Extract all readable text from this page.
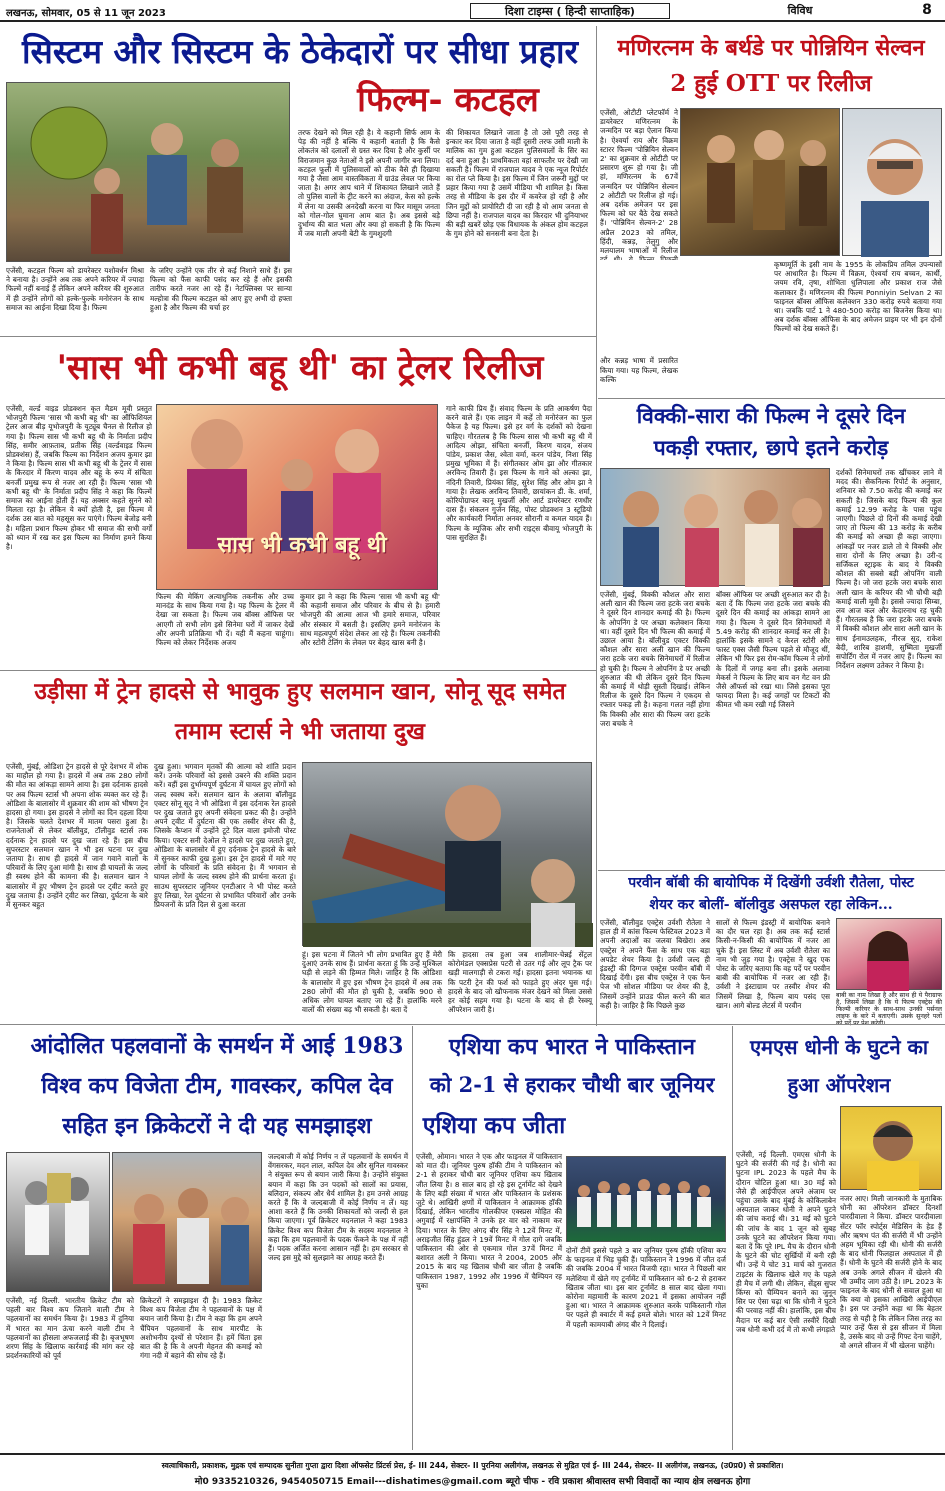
लखनऊ, सोमवार, 05 से 11 जून 2023	दिशा टाइम्स ( हिन्दी साप्ताहिक)	विविध	8
सिस्टम और सिस्टम के ठेकेदारों पर सीधा प्रहार
फिल्म- कटहल
एजेंसी, कटहल फिल्म को डायरेक्टर यशोवर्धन मिश्रा ने बनाया है। उन्होंने अब तक अपने करियर में ज्यादा फिल्में नहीं बनाई हैं लेकिन अपने करियर की शुरुआत में ही उन्होंने लोगों को हल्के-फुल्के मनोरंजन के साथ समाज का आईना दिखा दिया है। फिल्म
के जरिए उन्होंने एक तीर से कई निशाने साधे हैं। इस फिल्म को फैंस काफी पसंद कर रहे हैं और इसकी तारीफ करते नजर आ रहे हैं। नेटफ्लिक्स पर सान्या मल्होत्रा की फिल्म कटहल को आए हुए अभी दो हफ्ता हुआ है और फिल्म की चर्चा हर
तरफ देखने को मिल रही है। ये कहानी सिर्फ आम के पेड़ की नहीं है बल्कि ये कहानी बताती है कि कैसे लोकतंत्र को दलालों से ग्रस्त कर दिया है और कुर्सी पर विराजमान कुछ नेताओं ने इसे अपनी जागीर बना लिया। कटहल फूली में पुलिसवालों को ठीक वैसे ही दिखाया गया है जैसा आम वास्तविकता में ग्राउंड लेवल पर किया जाता है। अगर आप थाने में शिकायत लिखाने जाते हैं तो पुलिस वालों के ट्रीट करने का अंदाज, केस को हल्के में लेना या उसकी अनदेखी करना या फिर मासूम जनता को गोल-गोल घुमाना आम बात है। अब इससे बड़े दुर्भाग्य की बात भला और क्या हो सकती है कि फिल्म में जब माली अपनी बेटी के गुमशुदगी
की शिकायत लिखाने जाता है तो उसे पूरी तरह से इन्कार कर दिया जाता है वहीं दूसरी तरफ उसी माली के मालिक का गुम हुआ कटहल पुलिसवालों के सिर का दर्द बना हुआ है। प्राथमिकता वहां साफतौर पर देखी जा सकती है। फिल्म में राजपाल यादव ने एक न्यूज रिपोर्टर का रोल प्ले किया है। इस फिल्म में जिन जरूरी मुद्दों पर प्रहार किया गया है उसमें मीडिया भी शामिल है। किस तरह से मीडिया के इस दौर में कवरेज हो रही है और जिन मुद्दों को प्रायोरिटी दी जा रही है वो आम जनता से छिपा नहीं है। राजपाल यादव का किरदार भी दुनियाभर की बड़ी खबरें छोड़ एक विधायक के अंकल होम कटहल के गुम होने को सनसनी बना देता है।
मणिरत्नम के बर्थडे पर पोन्नियिन सेल्वन
2 हुई OTT पर रिलीज
एजेंसी, ओटीटी प्लेटफॉर्म ने डायरेक्टर मणिरत्नम के जन्मदिन पर बड़ा ऐलान किया है। ऐश्वर्या राय और विक्रम स्टारर फिल्म 'पोन्नियिन सेल्वन 2' का शुक्रवार से ओटीटी पर प्रसारण शुरू हो गया है। जी हां, मणिरत्नम के 67वें जन्मदिन पर पोन्नियिन सेल्वन 2 ओटीटी पर रिलीज हो गई। अब दर्शक अमेजन पर इस फिल्म को घर बैठे देख सकते हैं। 'पोन्नियिन सेल्वन-2' 28 अप्रैल 2023 को तमिल, हिंदी, कन्नड़, तेलुगु और मलयालम भाषाओं में रिलीज और कन्नड़ भाषा में प्रसारित किया गया। यह फिल्म, लेखक कल्कि
कृष्णमूर्ति के इसी नाम के 1955 के लोकप्रिय तमिल उपन्यासों पर आधारित है। फिल्म में विक्रम, ऐश्वर्या राय बच्चन, कार्थी, जयम रवि, तृषा, शोभिता धुलिपाला और प्रकाश राज जैसे कलाकार हैं। मणिरत्नम की फिल्म Ponniyin Selvan 2 का फाइनल बॉक्स ऑफिस कलेक्शन 330 करोड़ रुपये बताया गया था। जबकि पार्ट 1 ने 480-500 करोड़ का बिजनेस किया था। अब दर्शक बॉक्स ऑफिस के बाद अमेजन प्राइम पर भी इन दोनों फिल्मों को देख सकते हैं।
'सास भी कभी बहू थी' का ट्रेलर रिलीज
एजेंसी, वर्ल्ड वाइड प्रोडक्शन कृत मैडम मूवी प्रस्तुत भोजपुरी फिल्म 'सास भी कभी बहू थी' का ऑफिशियल ट्रेलर आज बीड़ यूभोजपुरी के यूट्यूब चैनल से रिलीज हो गया है। फिल्म सास भी कभी बहू थी के निर्माता प्रदीप सिंह, समीर आफ़ताब, प्रतीक सिंह (वर्ल्डवाइड फिल्म प्रोडक्शंस) हैं, जबकि फिल्म का निर्देशन अजय कुमार झा ने किया है। फिल्म सास भी कभी बहू थी के ट्रेलर में सास के किरदार में किरण यादव और बहू के रूप में संचिता बनर्जी प्रमुख रूप से नजर आ रही हैं। फिल्म 'सास भी कभी बहू थी' के निर्माता प्रदीप सिंह ने कहा कि फिल्में समाज का आईना होती हैं। यह अक्सर कहते सुनने को मिलता रहा है। लेकिन ये क्यों होती है, इस फिल्म में दर्शक उस बात को महसूस कर पाएंगे। फिल्म बेजोड़ बनी है। महिला प्रधान फिल्म होकर भी समाज की सभी वर्गों को ध्यान में रख कर इस फिल्म का निर्माण हमने किया है।	सास भी कभी बहू थी
फिल्म की मेकिंग अत्याधुनिक तकनीक और उच्च मानदंड के साथ किया गया है। यह फिल्म के ट्रेलर में देखा जा सकता है। फिल्म जब बॉक्स ऑफिस पर आएगी तो सभी लोग इसे सिनेमा घरों में जाकर देखें और अपनी प्रतिक्रिया भी दें। यही मैं कहना चाहूंगा। फिल्म को लेकर निर्देशक अजय
कुमार झा ने कहा कि फिल्म 'सास भी कभी बहू थी' की कहानी समाज और परिवार के बीच से है। हमारी भोजपुरी की आत्मा आज भी हमारे समाज, परिवार और संस्कार में बसती है। इसलिए हमने मनोरंजन के साथ महत्वपूर्ण संदेश लेकर आ रहे हैं। फिल्म तकनीकी और स्टोरी टेलिंग के लेवल पर बेहद खास बनी है।
गाने काफी प्रिय हैं। संवाद फिल्म के प्रति आकर्षण पैदा करने वाले हैं। एक लाइन में कहें तो मनोरंजन का फुल पैकेज है यह फिल्म। इसे हर वर्ग के दर्शकों को देखना चाहिए। गौरतलब है कि फिल्म सास भी कभी बहू थी में आदित्य ओझा, संचिता बनर्जी, किरण यादव, संजय पांडेय, प्रकाश जैस, श्वेता वर्मा, करन पांडेय, निशा सिंह प्रमुख भूमिका में हैं। संगीतकार ओम झा और गीतकार अरविन्द तिवारी हैं। इस फिल्म के गाने को अल्का झा, नंदिनी तिवारी, प्रियंका सिंह, सुरेश सिंह और ओम झा ने गाया है। लेखक अरविन्द तिवारी, छायांकन डी. के. शर्मा, कोरियोग्राफर कानू मुखर्जी और आर्ट डायरेक्टर रणधीर दास हैं। संकलन गुर्जन सिंह, पोस्ट प्रोडक्शन 3 स्टूडियो और कार्यकारी निर्माता अनवर सौरानी व कमल यादव हैं। फिल्म के म्यूजिक और सभी राइट्स बीवायू भोजपुरी के पास सुरक्षित हैं।
विक्की-सारा की फिल्म ने दूसरे दिन
पकड़ी रफ्तार, छापे इतने करोड़
एजेंसी, मुंबई, विक्की कौशल और सारा अली खान की फिल्म जरा हटके जरा बचके ने दूसरे दिन शानदार कमाई की है। फिल्म के ओपनिंग डे पर अच्छा कलेक्शन किया था। वहीं दूसरे दिन भी फिल्म की कमाई में उछाल आया है। बॉलीवुड एक्टर विक्की कौशल और सारा अली खान की फिल्म जरा हटके जरा बचके सिनेमाघरों में रिलीज हो चुकी है। फिल्म ने ओपनिंग डे पर अच्छी शुरुआत की थी लेकिन दूसरे दिन फिल्म की कमाई में थोड़ी सुस्ती दिखाई। लेकिन रिलीज के दूसरे दिन फिल्म ने एकदम से रफ्तार पकड़ ली है। कहना गलत नहीं होगा कि विक्की और सारा की फिल्म जरा हटके जरा बचके ने
बॉक्स ऑफिस पर अच्छी शुरुआत कर दी है। बता दें कि फिल्म जरा हटके जरा बचके की दूसरे दिन की कमाई का आंकड़ा सामने आ गया है। फिल्म ने दूसरे दिन सिनेमाघरों में 5.49 करोड़ की शानदार कमाई कर ली है। हालांकि इसके सामने द केरल स्टोरी और फास्ट एक्स जैसी फिल्म पहले से मौजूद थीं, लेकिन भी फिर इस रोम-कॉम फिल्म ने लोगों के दिलों में जगह बना ली। इसके अलावा मेकर्स ने फिल्म के लिए बाय वन गेट वन फ्री जैसे ऑफर्स को रखा था। जिसे इसका पूरा फायदा मिला है। कई जगहों पर टिकटों की कीमत भी कम रखी गई जिसने
दर्शकों सिनेमाघरों तक खींचकर लाने में मदद की। सैकनिल्क रिपोर्ट के अनुसार, शनिवार को 7.50 करोड़ की कमाई कर सकती है। जिसके बाद फिल्म की कुल कमाई 12.99 करोड़ के पास पहुंच जाएगी। पिछले दो दिनों की कमाई देखी जाए तो फिल्म की 13 करोड़ के करीब की कमाई को अच्छा ही कहा जाएगा। आंकड़ों पर नजर डाले तो ये विक्की और सारा दोनों के लिए अच्छा है। उरी-द सर्जिकल स्ट्राइक के बाद ये विक्की कौशल की सबसे बड़ी ओपनिंग वाली फिल्म है। जो जरा हटके जरा बचके सारा अली खान के करियर की भी चौथी बड़ी कमाई वाली मूवी है। इससे ज्यादा सिम्बा, लव आज कल और केदारनाथ रह चुकी हैं। गौरतलब है कि जरा हटके जरा बचके में विक्की कौशल और सारा अली खान के साथ ईनामउलहक, नीरज सूद, राकेश बेदी, शारिब हाशमी, सुष्मिता मुखर्जी सपोर्टिंग रोल में नजर आए हैं। फिल्म का निर्देशन लक्ष्मण उतेकर ने किया है।
उड़ीसा में ट्रेन हादसे से भावुक हुए सलमान खान, सोनू सूद समेत
तमाम स्टार्स ने भी जताया दुख
एजेंसी, मुंबई, ओडिशा ट्रेन हादसे से पूरे देशभर में शोक का माहौल हो गया है। हादसे में अब तक 280 लोगों की मौत का आंकड़ा सामने आया है। इस दर्दनाक हादसे पर अब फिल्म स्टार्स भी अपना शोक व्यक्त कर रहे हैं। ओडिशा के बालासोर में शुक्रवार की शाम को भीषण ट्रेन हादसा हो गया। इस हादसे ने लोगों का दिन दहला दिया है। जिसके चलते देशभर में मातम पसरा हुआ है। राजनेताओं से लेकर बॉलीवुड, टॉलीवुड स्टार्स तक दर्दनाक ट्रेन हादसे पर दुख जता रहे हैं। इस बीच सुपरस्टार सलमान खान ने भी इस घटना पर दुख जताया है। साथ ही हादसे में जान गवाने वालों के परिवारों के लिए दुआ मांगी है। साथ ही घायलों के जल्द ही स्वस्थ होने की कामना की है। सलमान खान ने बालासोर में हुए भीषण ट्रेन हादसे पर ट्वीट करते हुए दुख जताया है। उन्होंने ट्वीट कर लिखा, दुर्घटना के बारे में सुनकर बहुत
दुख हुआ। भगवान मृतकों की आत्मा को शांति प्रदान करें। उनके परिवारों को इससे उबरने की शक्ति प्रदान करें। वहीं इस दुर्भाग्यपूर्ण दुर्घटना में घायल हुए लोगों को जल्द स्वस्थ करें। सलमान खान के अलावा बॉलीवुड एक्टर सोनू सूद ने भी ओडिशा में इस दर्दनाक रेल हादसे पर दुख जताते हुए अपनी संवेदना प्रकट की है। उन्होंने अपने ट्वीट में दुर्घटना की एक तस्वीर शेयर की है, जिसके कैप्शन में उन्होंने टूटे दिल वाला इमोजी पोस्ट किया। एक्टर सनी देओल ने हादसे पर दुख जताते हुए, ओडिशा के बालासोर में हुए दर्दनाक ट्रेन हादसे के बारे में सुनकर काफी दुख हुआ। इस ट्रेन हादसे में मारे गए लोगों के परिवारों के प्रति संवेदना है। मैं भगवान से घायल लोगों के जल्द स्वस्थ होने की प्रार्थना करता हूं। साउथ सुपरस्टार जूनियर एनटीआर ने भी पोस्ट करते हुए लिखा, रेल दुर्घटना से प्रभावित परिवारों और उनके प्रियजनों के प्रति दिल से दुआ करता
हूं। इस घटना में जितने भी लोग प्रभावित हुए हैं मेरी दुआएं उनके साथ हैं। प्रार्थना करता हूं कि उन्हें मुश्किल घड़ी से लड़ने की हिम्मत मिले। जाहिर है कि ओडिशा के बालासोर में हुए इस भीषण ट्रेन हादसे में अब तक 280 लोगों की मौत हो चुकी है, जबकि 900 से अधिक लोग घायल बताए जा रहे हैं। हालांकि मरने वालों की संख्या बढ़ भी सकती है। बता दें
कि हादसा तब हुआ जब शालीमार-चेन्नई सेंट्रल कोरोमंडल एक्सप्रेस पटरी से उतर गई और लूप ट्रैक पर खड़ी मालगाड़ी से टकरा गई। हादसा इतना भयानक था कि पटरी ट्रेन की फर्श को फाड़ते हुए अंदर घुस गई। हादसे के बाद जो खौफनाक मंजर देखने को मिला उससे हर कोई सहम गया है। घटना के बाद से ही रेस्क्यू ऑपरेशन जारी है।
परवीन बॉबी की बायोपिक में दिखेंगी उर्वशी रौतेला, पोस्ट
शेयर कर बोलीं- बॉलीवुड असफल रहा लेकिन...
एजेंसी, बॉलीवुड एक्ट्रेस उर्वशी रौतेला ने हाल ही में कांस फिल्म फेस्टिवल 2023 में अपनी अदाओं का जलवा बिखेरा। अब एक्ट्रेस ने अपने फैंस के साथ एक बड़ा अपडेट शेयर किया है। उर्वशी जल्द ही इंडस्ट्री की दिग्गज एक्ट्रेस परवीन बॉबी में दिखाई देंगी। इस बीच एक्ट्रेस ने एक फैन पेज भी सोशल मीडिया पर शेयर की है, जिसमें उन्होंने प्राउड फील करने की बात कही है। जाहिर है कि पिछले कुछ
सालों से फिल्म इंडस्ट्री में बायोपिक बनाने का दौर चल रहा है। अब तक कई स्टार्स किसी-न-किसी की बायोपिक में नजर आ चुके हैं। इस लिस्ट में अब उर्वशी रौतेला का नाम भी जुड़ गया है। एक्ट्रेस ने खुद एक पोस्ट के जरिए बताया कि वह पर्दे पर परवीन बाबी की बायोपिक में नजर आ रही हैं। उर्वशी ने इंस्टाग्राम पर तस्वीर शेयर की जिसमें लिखा है, फिल्म बाय पसंद एस खान। आगे बोल्ड लेटर्स में परवीन
बाबी का नाम लिखा है और साथ ही ये पैराग्राफ है, जिसमें लिखा है कि ये फिल्म एक्ट्रेस की फिल्मी करियर के साथ-साथ उनकी पर्सनल लाइफ के बारे में बताएगी। उसके सुनहरे पलों
आंदोलित पहलवानों के समर्थन में आई 1983
विश्व कप विजेता टीम, गावस्कर, कपिल देव
सहित इन क्रिकेटरों ने दी यह समझाइश
एजेंसी, नई दिल्ली. भारतीय क्रिकेट टीम को पहली बार विश्व कप जिताने वाली टीम ने पहलवानों का समर्थन किया है। 1983 में दुनिया में भारत का मान ऊंचा करने वाली टीम ने पहलवानों का हौसला अफजलाई की है। बृजभूषण शरण सिंह के खिलाफ कार्रवाई की मांग कर रहे प्रदर्शनकारियों को पूर्व
क्रिकेटरों ने समझाइश दी है। 1983 क्रिकेट विश्व कप विजेता टीम ने पहलवानों के पक्ष में बयान जारी किया है। टीम ने कहा कि हम अपने चैंपियन पहलवानों के साथ मारपीट के अशोभनीय दृश्यों से परेशान हैं। हमें चिंता इस बात की है कि वे अपनी मेहनत की कमाई को गंगा नदी में बहाने की सोच रहे हैं।
जल्दबाजी में कोई निर्णय न लें पहलवानों के समर्थन में वेंगसरकर, मदन लाल, कपिल देव और सुनिल गावस्कर ने संयुक्त रूप से बयान जारी किया है। उन्होंने संयुक्त बयान में कहा कि उन पदकों को सालों का प्रयास, बलिदान, संकल्प और धैर्य शामिल है। हम उनसे आग्रह करते हैं कि वे जल्दबाजी में कोई निर्णय न लें। यह आशा करते हैं कि उनकी शिकायतों को जल्दी से हल किया जाएगा। पूर्व क्रिकेटर मदनलाल ने कहा 1983 क्रिकेट विश्व कप विजेता टीम के सदस्य मदनलाल ने कहा कि हम पहलवानों के पदक फेंकने के पक्ष में नहीं हैं। पदक अर्जित करना आसान नहीं है। हम सरकार से जल्द इस मुद्दे को सुलझाने का आग्रह करते हैं।
एशिया कप भारत ने पाकिस्तान
को 2-1 से हराकर चौथी बार जूनियर
एशिया कप जीता
एजेंसी, ओमान। भारत ने एक और फाइनल में पाकिस्तान को मात दी। जूनियर पुरुष हॉकी टीम ने पाकिस्तान को 2-1 से हराकर चौथी बार जूनियर एशिया कप खिताब जीत लिया है। 8 साल बाद हो रहे इस टूर्नामेंट को देखने के लिए बड़ी संख्या में भारत और पाकिस्तान के प्रशंसक जुटे थे। आखिरी क्षणों में पाकिस्तान ने आक्रामक हॉकी दिखाई, लेकिन भारतीय गोलकीपर एक्स्प्रस मोहित की अगुवाई में रक्षापंक्ति ने उनके हर वार को नाकाम कर दिया। भारत के लिए अंगद बीर सिंह ने 12वें मिनट में, अराइजीत सिंह हुंडल ने 19वें मिनट में गोल दागे जबकि पाकिस्तान की ओर से एकमात्र गोल 37वें मिनट में बशारत अली ने किया। भारत ने 2004, 2005 और 2015 के बाद यह खिताब चौथी बार जीता है जबकि पाकिस्तान 1987, 1992 और 1996 में चैम्पियन रह चुका
दोनों टीमें इससे पहले 3 बार जूनियर पुरुष हॉकी एशिया कप के फाइनल में भिड़ चुकी हैं। पाकिस्तान ने 1996 में जीत दर्ज की जबकि 2004 में भारत विजयी रहा। भारत ने पिछली बार मलेशिया में खेले गए टूर्नामेंट में पाकिस्तान को 6-2 से हराकर खिताब जीता था। इस बार टूर्नामेंट 8 साल बाद खेला गया। कोरोना महामारी के कारण 2021 में इसका आयोजन नहीं हुआ था। भारत ने आक्रामक शुरुआत करके पाकिस्तानी गोल पर पहले ही क्वार्टर में कई हमले बोले। भारत को 12वें मिनट में पहली कामयाबी अंगद बीर ने दिलाई।
एमएस धोनी के घुटने का
हुआ ऑपरेशन
एजेंसी, नई दिल्ली. एमएस धोनी के घुटने की सर्जरी की गई है। धोनी का घुटना IPL 2023 के पहले मैच के दौरान चोटिल हुआ था। 30 मई को जैसे ही आईपीएल अपने अंजाम पर पहुंचा उसके बाद मुंबई के कोकिलाबेन अस्पताल जाकर धोनी ने अपने घुटने की जांच कराई थी। 31 मई को घुटने की जांच के बाद 1 जून को सुबह उनके घुटने का ऑपरेशन किया गया। बता दें कि पूरे IPL मैच के दौरान धोनी के घुटने की चोट सुर्खियों में बनी रही थी। उन्हें ये चोट 31 मार्च को गुजरात टाइटंस के खिलाफ खेले गए के पहले ही मैच में लगी थी। लेकिन, सेंड्स सुपर किंग्स को चैम्पियन बनाने का जुनून सिर पर ऐसा चढ़ा था कि धोनी ने घुटने की परवाह नहीं की। हालांकि, इस बीच मैदान पर कई बार ऐसी तस्वीरें दिखी जब धोनी कभी दर्द में तो कभी लंगड़ाते
नजर आए। मिली जानकारी के मुताबिक धोनी का ऑपरेशन डॉक्टर दिनशॉ पारदीवाला ने किया. डॉक्टर पारदीवाला सेंटर फॉर स्पोर्ट्स मेडिसिन के हेड हैं और ऋषभ पंत की सर्जरी में भी उन्होंने अहम भूमिका रही थी। धोनी की सर्जरी के बाद धोनी फिलहाल अस्पताल में ही हैं। धोनी के घुटने की सर्जरी होने के बाद अब उनके अगले सीजन में खेलने की भी उम्मीद जाग उठी है। IPL 2023 के फाइनल के बाद धोनी से सवाल हुआ था कि क्या वो इसका आखिरी आईपीएल है। इस पर उन्होंने कहा था कि बेहतर तरह से यही है कि लेकिन जिस तरह का प्यार उन्हें फैंस से इस सीजन में मिला है, उसके बाद वो उन्हें गिफ्ट देना चाहेंगे, वो अगले सीजन में भी खेलना चाहेंगे।
स्वत्वाधिकारी, प्रकाशक, मुद्रक एवं सम्पादक सुनीता गुप्ता द्वारा दिशा ऑफसेट प्रिंटर्स प्रेस, ई- III 244, सेक्टर- II पुरनिया अलीगंज, लखनऊ से मुद्रित एवं ई- III 244, सेक्टर- II अलीगंज, लखनऊ, (उ0प्र0) से प्रकाशित।
मो0 9335210326, 9454050715 Email---dishatimes@gmail.com ब्यूरो चीफ - रवि प्रकाश श्रीवास्तव सभी विवादों का न्याय क्षेत्र लखनऊ होगा
